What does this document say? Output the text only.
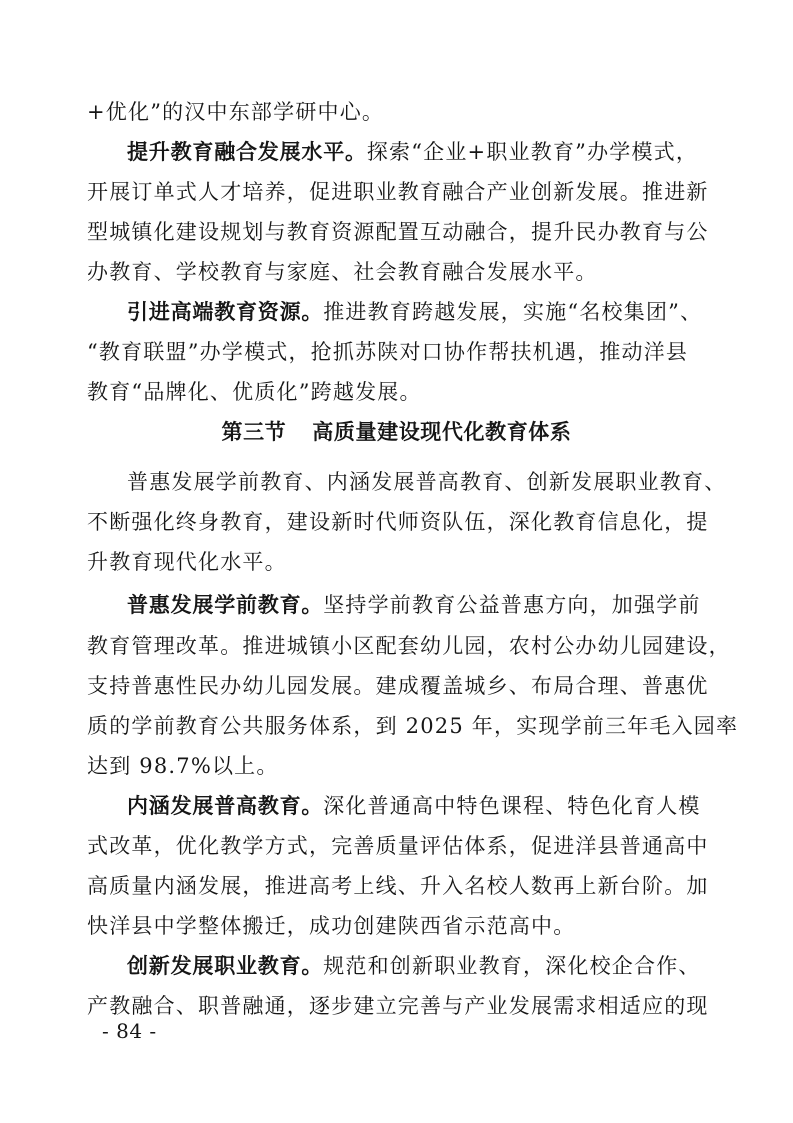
+优化”的汉中东部学研中心。
提升教育融合发展水平。探索“企业+职业教育”办学模式，
开展订单式人才培养，促进职业教育融合产业创新发展。推进新
型城镇化建设规划与教育资源配置互动融合，提升民办教育与公
办教育、学校教育与家庭、社会教育融合发展水平。
引进高端教育资源。推进教育跨越发展，实施“名校集团”、
“教育联盟”办学模式，抢抓苏陕对口协作帮扶机遇，推动洋县
教育“品牌化、优质化”跨越发展。
第三节 高质量建设现代化教育体系
普惠发展学前教育、内涵发展普高教育、创新发展职业教育、
不断强化终身教育，建设新时代师资队伍，深化教育信息化，提
升教育现代化水平。
普惠发展学前教育。坚持学前教育公益普惠方向，加强学前
教育管理改革。推进城镇小区配套幼儿园，农村公办幼儿园建设，
支持普惠性民办幼儿园发展。建成覆盖城乡、布局合理、普惠优
质的学前教育公共服务体系，到 2025 年，实现学前三年毛入园率
达到 98.7%以上。
内涵发展普高教育。深化普通高中特色课程、特色化育人模
式改革，优化教学方式，完善质量评估体系，促进洋县普通高中
高质量内涵发展，推进高考上线、升入名校人数再上新台阶。加
快洋县中学整体搬迁，成功创建陕西省示范高中。
创新发展职业教育。规范和创新职业教育，深化校企合作、
产教融合、职普融通，逐步建立完善与产业发展需求相适应的现
- 84 -
